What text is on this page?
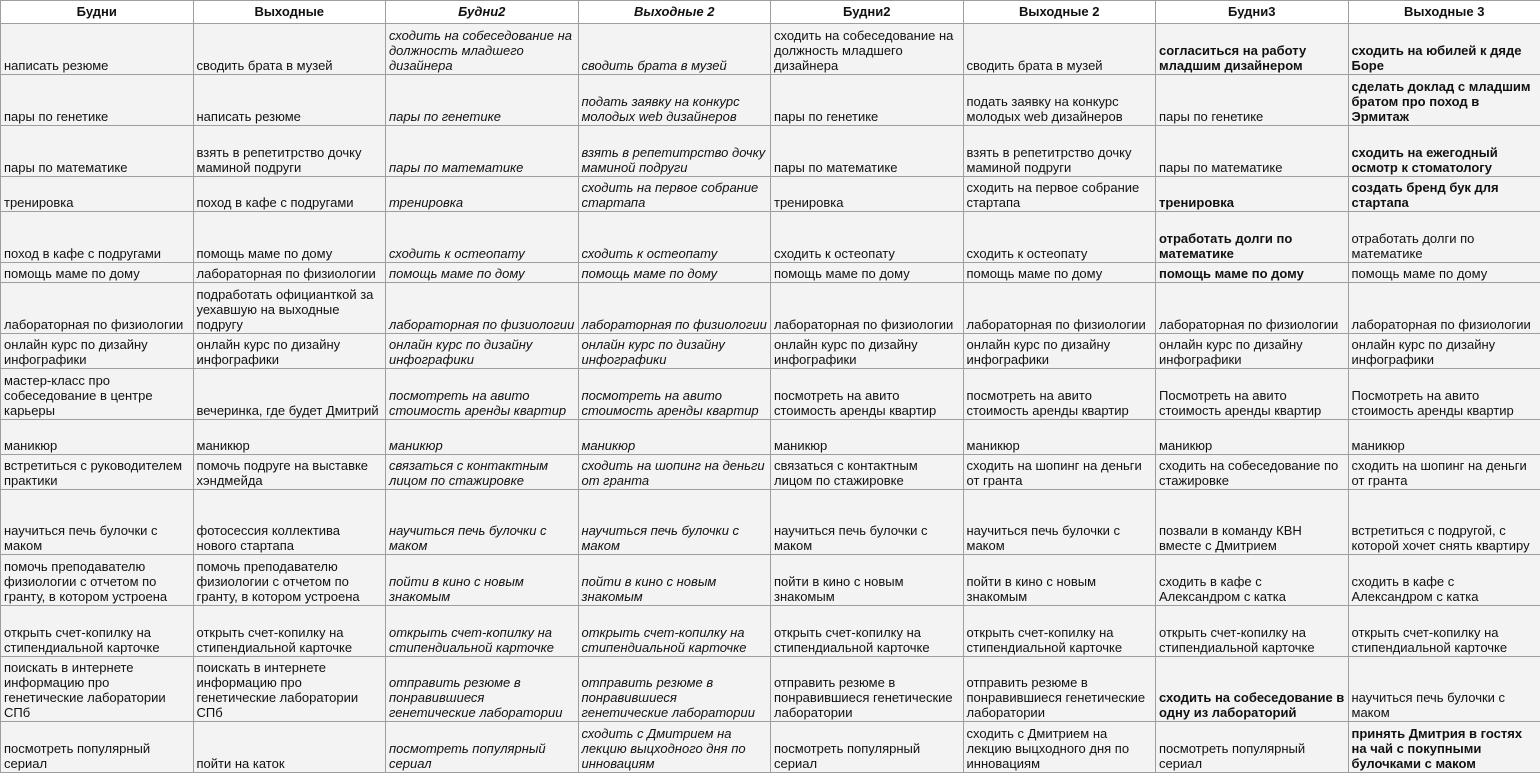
Будни	Выходные	Будни2	Выходные 2	Будни2	Выходные 2	Будни3	Выходные 3

написать резюме	сводить брата в музей	сходить на собеседование на должность младшего дизайнера	сводить брата в музей	сходить на собеседование на должность младшего дизайнера	сводить брата в музей	согласиться на работу младшим дизайнером	сходить на юбилей к дяде Боре

пары по генетике	написать резюме	пары по генетике	подать заявку на конкурс молодых web дизайнеров	пары по генетике	подать заявку на конкурс молодых web дизайнеров	пары по генетике	сделать доклад с младшим братом про поход в Эрмитаж

пары по математике	взять в репетитрство дочку маминой подруги	пары по математике	взять в репетитрство дочку маминой подруги	пары по математике	взять в репетитрство дочку маминой подруги	пары по математике	сходить на ежегодный осмотр к стоматологу

тренировка	поход в кафе с подругами	тренировка	сходить на первое собрание стартапа	тренировка	сходить на первое собрание стартапа	тренировка	создать бренд бук для стартапа

поход в кафе с подругами	помощь маме по дому	сходить к остеопату	сходить к остеопату	сходить к остеопату	сходить к остеопату	отработать долги по математике	отработать долги по математике

помощь маме по дому	лабораторная по физиологии	помощь маме по дому	помощь маме по дому	помощь маме по дому	помощь маме по дому	помощь маме по дому	помощь маме по дому

лабораторная по физиологии	подработать официанткой за уехавшую на выходные подругу	лабораторная по физиологии	лабораторная по физиологии	лабораторная по физиологии	лабораторная по физиологии	лабораторная по физиологии	лабораторная по физиологии

онлайн курс по дизайну инфографики	онлайн курс по дизайну инфографики	онлайн курс по дизайну инфографики	онлайн курс по дизайну инфографики	онлайн курс по дизайну инфографики	онлайн курс по дизайну инфографики	онлайн курс по дизайну инфографики	онлайн курс по дизайну инфографики

мастер-класс про собеседование в центре карьеры	вечеринка, где будет Дмитрий	посмотреть на авито стоимость аренды квартир	посмотреть на авито стоимость аренды квартир	посмотреть на авито стоимость аренды квартир	посмотреть на авито стоимость аренды квартир	Посмотреть на авито стоимость аренды квартир	Посмотреть на авито стоимость аренды квартир

маникюр	маникюр	маникюр	маникюр	маникюр	маникюр	маникюр	маникюр

встретиться с руководителем практики	помочь подруге на выставке хэндмейда	связаться с контактным лицом по стажировке	сходить на шопинг на деньги от гранта	связаться с контактным лицом по стажировке	сходить на шопинг на деньги от гранта	сходить на собеседование по стажировке	сходить на шопинг на деньги от гранта

научиться печь булочки с маком	фотосессия коллектива нового стартапа	научиться печь булочки с маком	научиться печь булочки с маком	научиться печь булочки с маком	научиться печь булочки с маком	позвали в команду КВН вместе с Дмитрием	встретиться с подругой, с которой хочет снять квартиру

помочь преподавателю физиологии с отчетом по гранту, в котором устроена	помочь преподавателю физиологии с отчетом по гранту, в котором устроена	пойти в кино с новым знакомым	пойти в кино с новым знакомым	пойти в кино с новым знакомым	пойти в кино с новым знакомым	сходить в кафе с Александром с катка	сходить в кафе с Александром с катка

открыть счет-копилку на стипендиальной карточке	открыть счет-копилку на стипендиальной карточке	открыть счет-копилку на стипендиальной карточке	открыть счет-копилку на стипендиальной карточке	открыть счет-копилку на стипендиальной карточке	открыть счет-копилку на стипендиальной карточке	открыть счет-копилку на стипендиальной карточке	открыть счет-копилку на стипендиальной карточке

поискать в интернете информацию про генетические лаборатории СПб	поискать в интернете информацию про генетические лаборатории СПб	отправить резюме в понравившиеся генетические лаборатории	отправить резюме в понравившиеся генетические лаборатории	отправить резюме в понравившиеся генетические лаборатории	отправить резюме в понравившиеся генетические лаборатории	сходить на собеседование в одну из лабораторий	научиться печь булочки с маком

посмотреть популярный сериал	пойти на каток	посмотреть популярный сериал	сходить с Дмитрием на лекцию выцходного дня по инновациям	посмотреть популярный сериал	сходить с Дмитрием на лекцию выцходного дня по инновациям	посмотреть популярный сериал	принять Дмитрия в гостях на чай с покупными булочками с маком
